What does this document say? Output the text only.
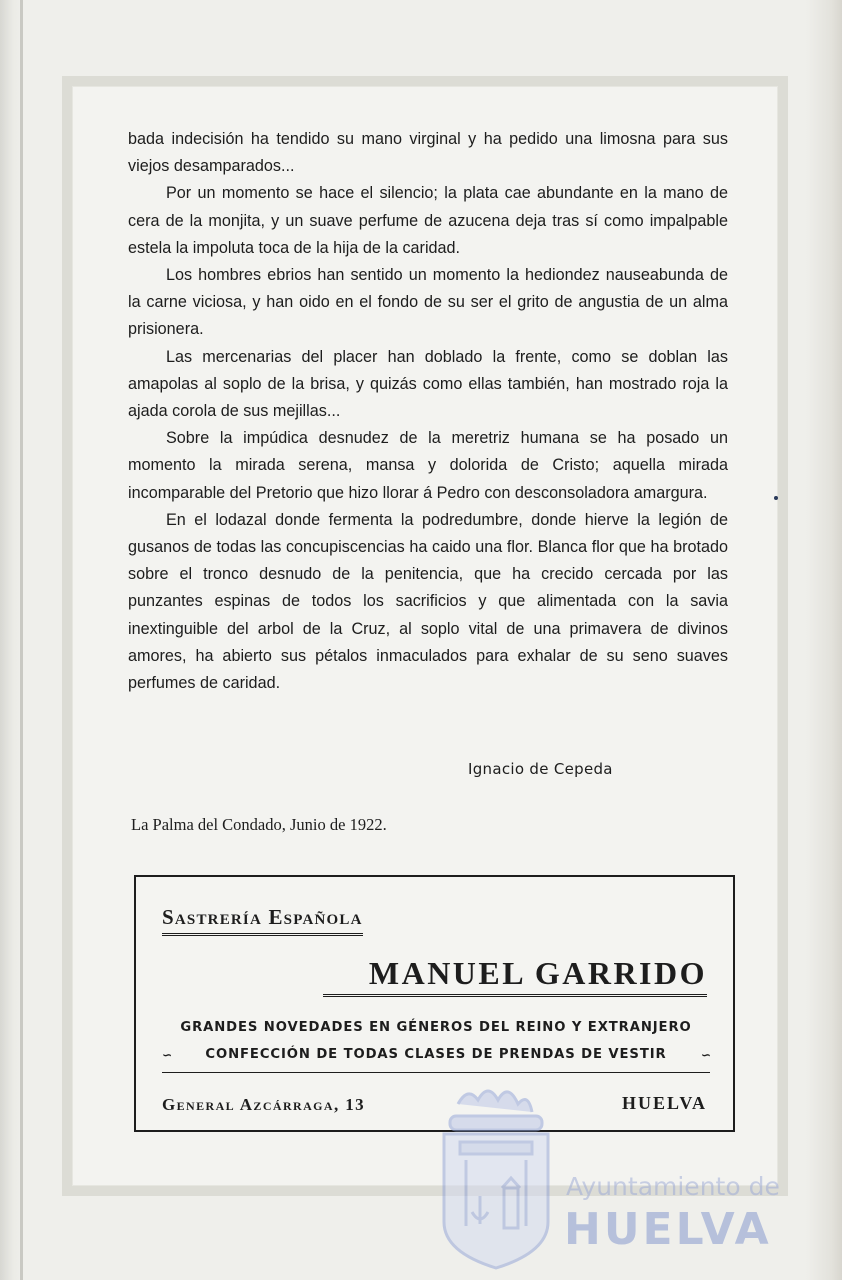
bada indecisión ha tendido su mano virginal y ha pedido una limosna para sus viejos desamparados...

Por un momento se hace el silencio; la plata cae abundante en la mano de cera de la monjita, y un suave perfume de azucena deja tras sí como impalpable estela la impoluta toca de la hija de la caridad.

Los hombres ebrios han sentido un momento la hediondez nauseabunda de la carne viciosa, y han oido en el fondo de su ser el grito de angustia de un alma prisionera.

Las mercenarias del placer han doblado la frente, como se doblan las amapolas al soplo de la brisa, y quizás como ellas también, han mostrado roja la ajada corola de sus mejillas...

Sobre la impúdica desnudez de la meretriz humana se ha posado un momento la mirada serena, mansa y dolorida de Cristo; aquella mirada incomparable del Pretorio que hizo llorar á Pedro con desconsoladora amargura.

En el lodazal donde fermenta la podredumbre, donde hierve la legión de gusanos de todas las concupiscencias ha caido una flor. Blanca flor que ha brotado sobre el tronco desnudo de la penitencia, que ha crecido cercada por las punzantes espinas de todos los sacrificios y que alimentada con la savia inextinguible del arbol de la Cruz, al soplo vital de una primavera de divinos amores, ha abierto sus pétalos inmaculados para exhalar de su seno suaves perfumes de caridad.

Ignacio de Cepeda
La Palma del Condado, Junio de 1922.
Sastrería Española
MANUEL GARRIDO
GRANDES NOVEDADES EN GÉNEROS DEL REINO Y EXTRANJERO
∽	CONFECCIÓN DE TODAS CLASES DE PRENDAS DE VESTIR	∽
General Azcárraga, 13	HUELVA
Ayuntamiento de
HUELVA
